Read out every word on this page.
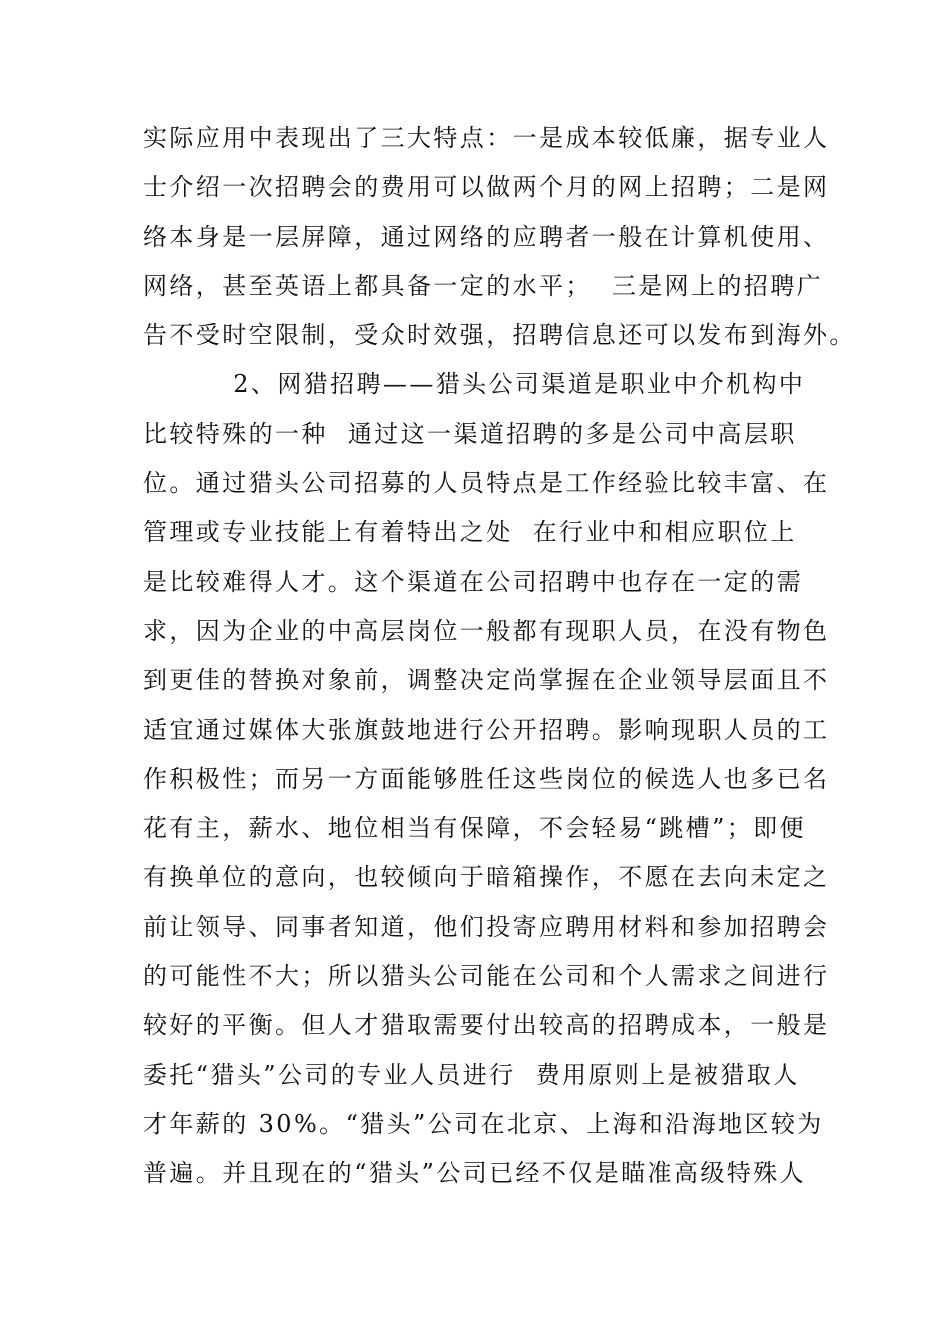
实际应用中表现出了三大特点：一是成本较低廉，据专业人
士介绍一次招聘会的费用可以做两个月的网上招聘；二是网
络本身是一层屏障，通过网络的应聘者一般在计算机使用、
网络，甚至英语上都具备一定的水平；  三是网上的招聘广
告不受时空限制，受众时效强，招聘信息还可以发布到海外。
2、网猎招聘——猎头公司渠道是职业中介机构中
比较特殊的一种  通过这一渠道招聘的多是公司中高层职
位。通过猎头公司招募的人员特点是工作经验比较丰富、在
管理或专业技能上有着特出之处  在行业中和相应职位上
是比较难得人才。这个渠道在公司招聘中也存在一定的需
求，因为企业的中高层岗位一般都有现职人员，在没有物色
到更佳的替换对象前，调整决定尚掌握在企业领导层面且不
适宜通过媒体大张旗鼓地进行公开招聘。影响现职人员的工
作积极性；而另一方面能够胜任这些岗位的候选人也多已名
花有主，薪水、地位相当有保障，不会轻易“跳槽”；即便
有换单位的意向，也较倾向于暗箱操作，不愿在去向未定之
前让领导、同事者知道，他们投寄应聘用材料和参加招聘会
的可能性不大；所以猎头公司能在公司和个人需求之间进行
较好的平衡。但人才猎取需要付出较高的招聘成本，一般是
委托“猎头”公司的专业人员进行  费用原则上是被猎取人
才年薪的 30%。“猎头”公司在北京、上海和沿海地区较为
普遍。并且现在的“猎头”公司已经不仅是瞄准高级特殊人
